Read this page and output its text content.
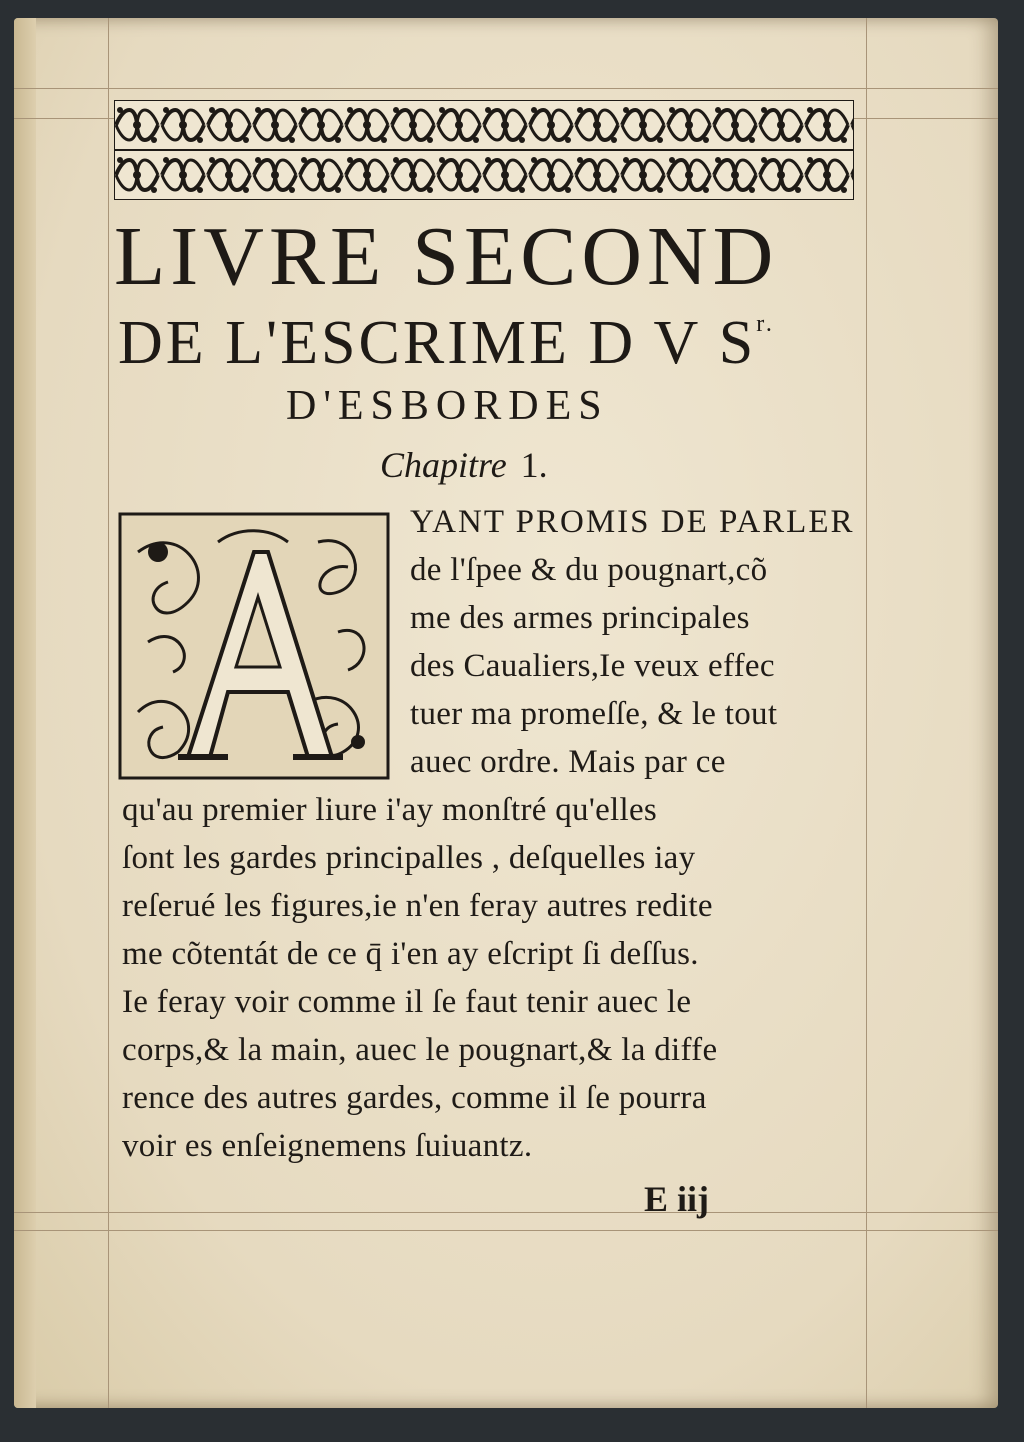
LIVRE SECOND
DE L'ESCRIME D V $S^{r.}$
D'ESBORDES
Chapitre 1.
YANT PROMIS DE PARLER
de l'ſpee & du pougnart,cõ
me des armes principales
des Caualiers,Ie veux effec
tuer ma promeſſe, & le tout
auec ordre. Mais par ce
qu'au premier liure i'ay monſtré qu'elles
ſont les gardes principalles , deſquelles iay
reſerué les figures,ie n'en feray autres redite
me cõtentát de ce q̄ i'en ay eſcript ſi deſſus.
Ie feray voir comme il ſe faut tenir auec le
corps,& la main, auec le pougnart,& la diffe
rence des autres gardes, comme il ſe pourra
voir es enſeignemens ſuiuantz.
E iij
